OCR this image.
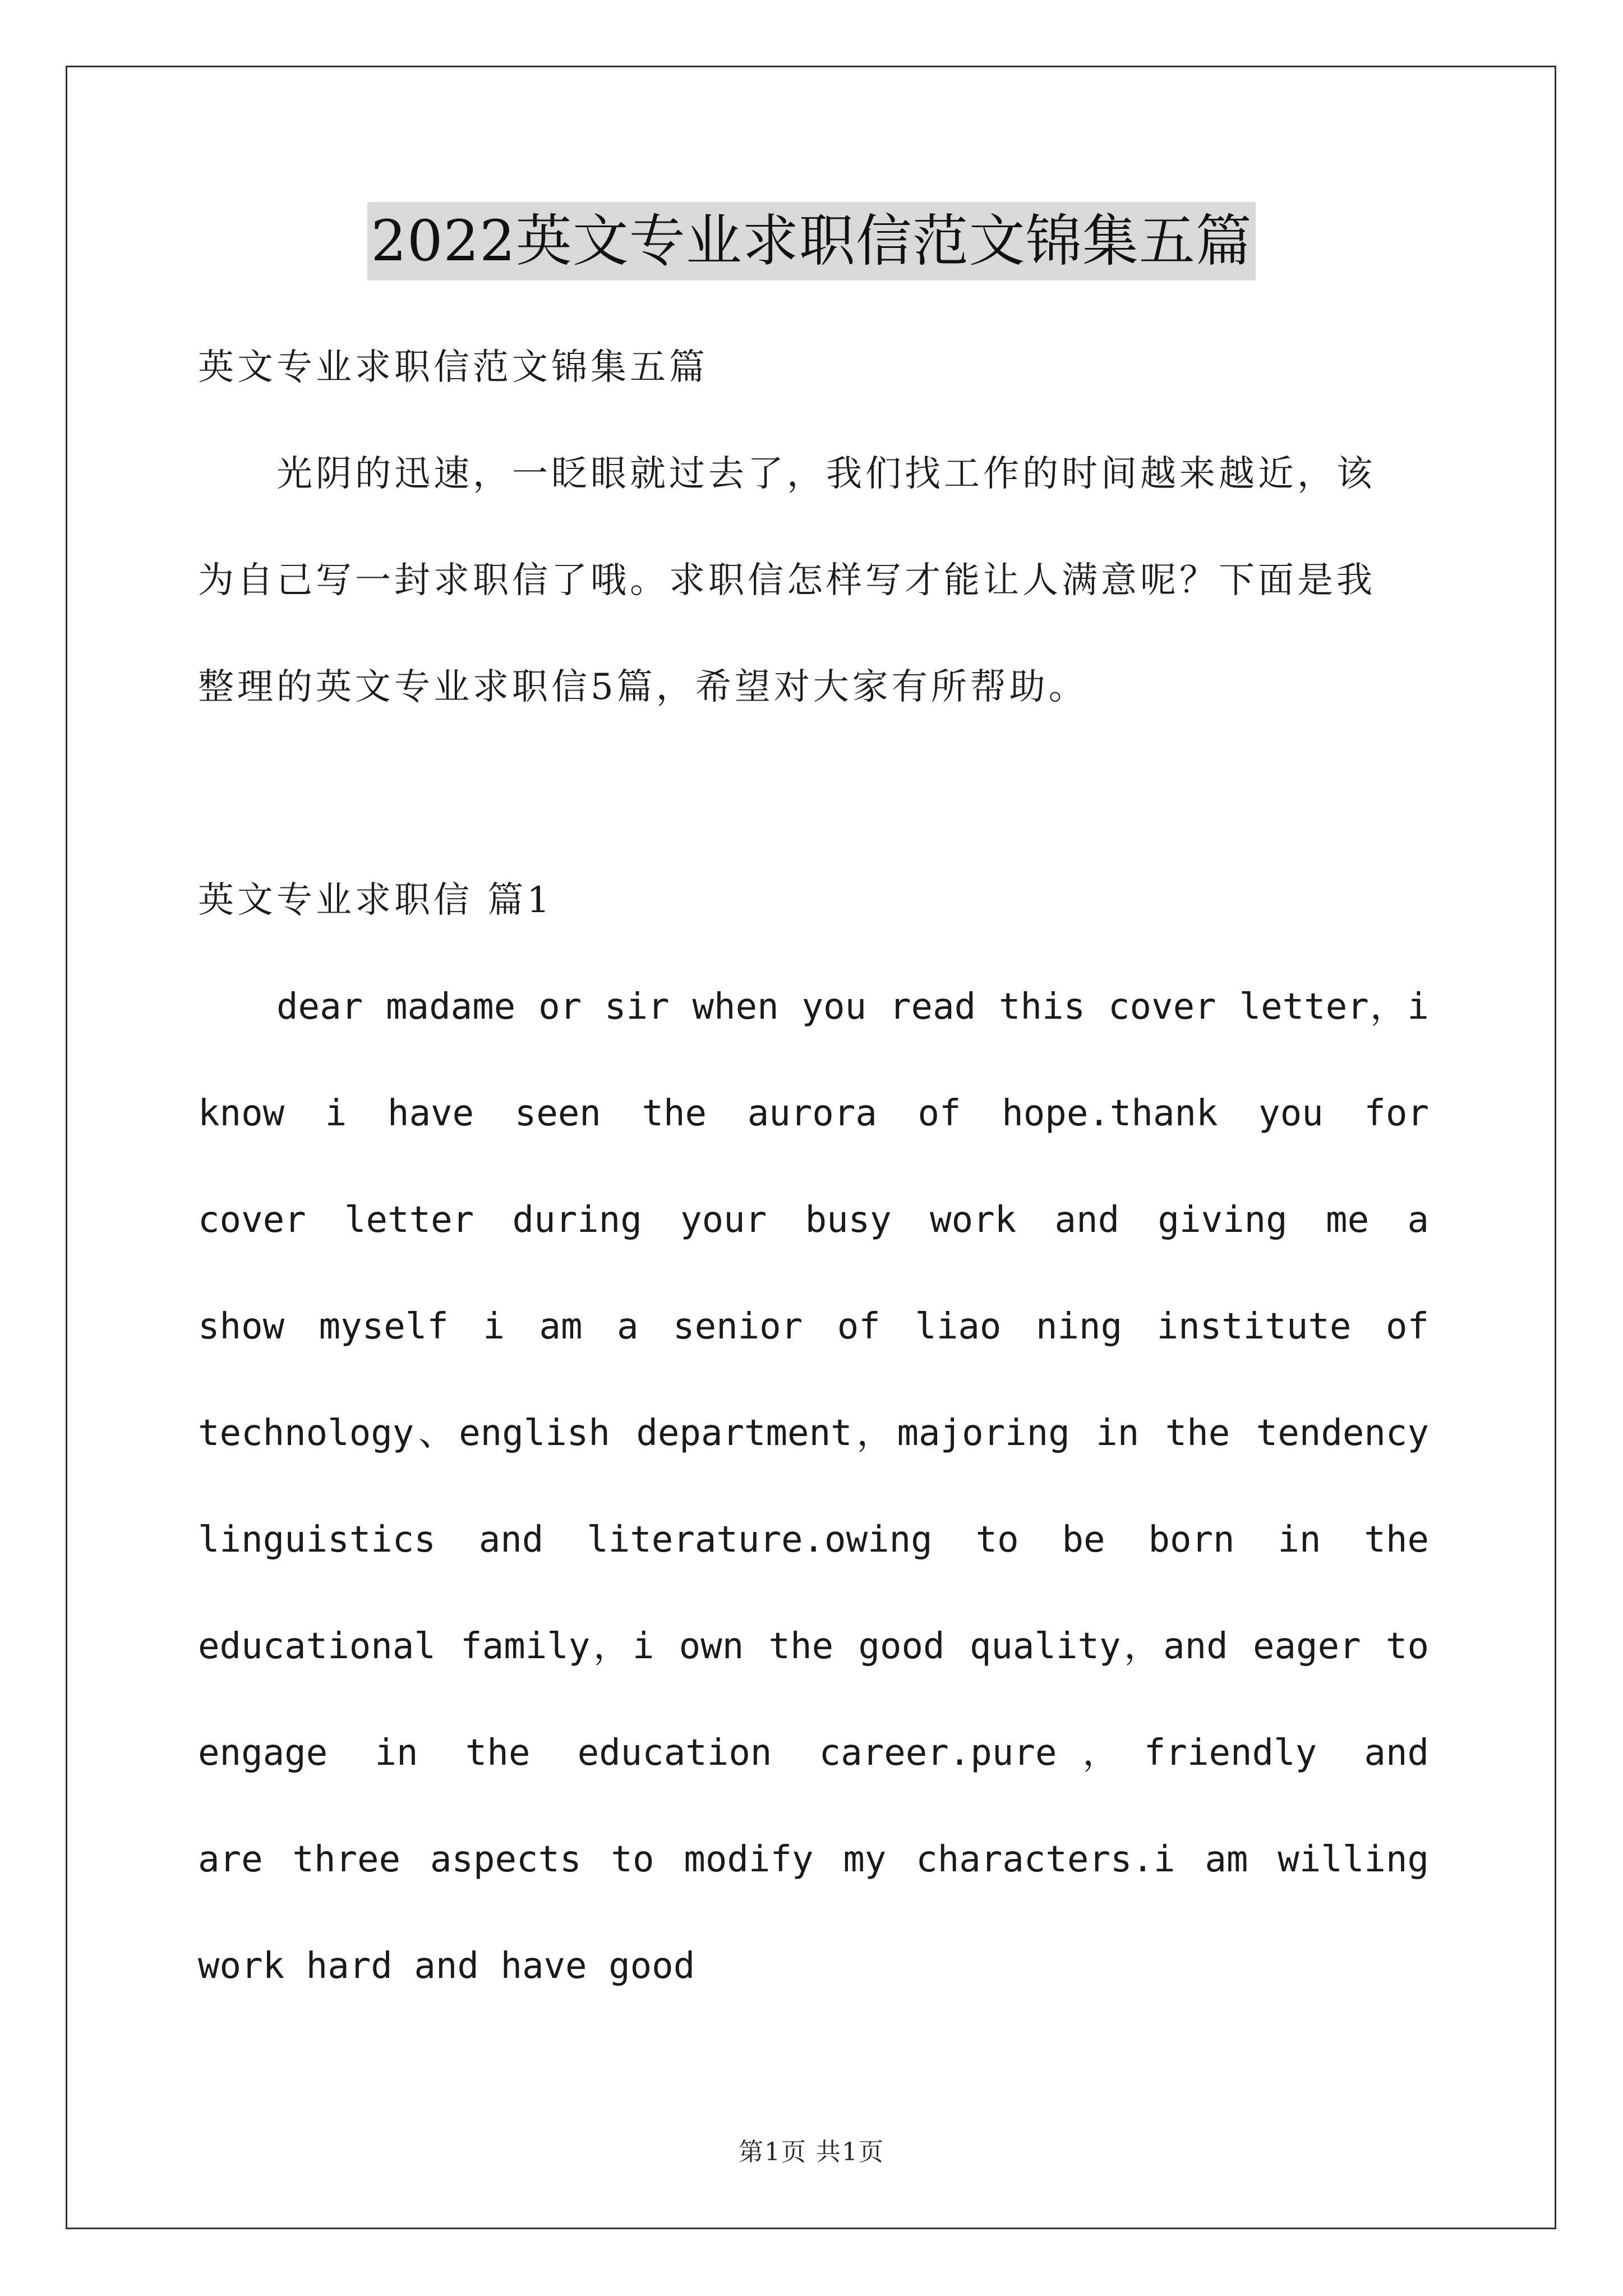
2022英文专业求职信范文锦集五篇

英文专业求职信范文锦集五篇

光阴的迅速，一眨眼就过去了，我们找工作的时间越来越近，该

为自己写一封求职信了哦。求职信怎样写才能让人满意呢？下面是我

整理的英文专业求职信5篇，希望对大家有所帮助。

英文专业求职信 篇1

dear madame or sir when you read this cover letter，i

know i have seen the aurora of hope.thank you for

cover letter during your busy work and giving me a

show myself i am a senior of liao ning institute of

technology、english department，majoring in the tendency

linguistics and literature.owing to be born in the

educational family，i own the good quality，and eager to

engage in the education career.pure，friendly and

are three aspects to modify my characters.i am willing

work hard and have good

第1页 共1页
